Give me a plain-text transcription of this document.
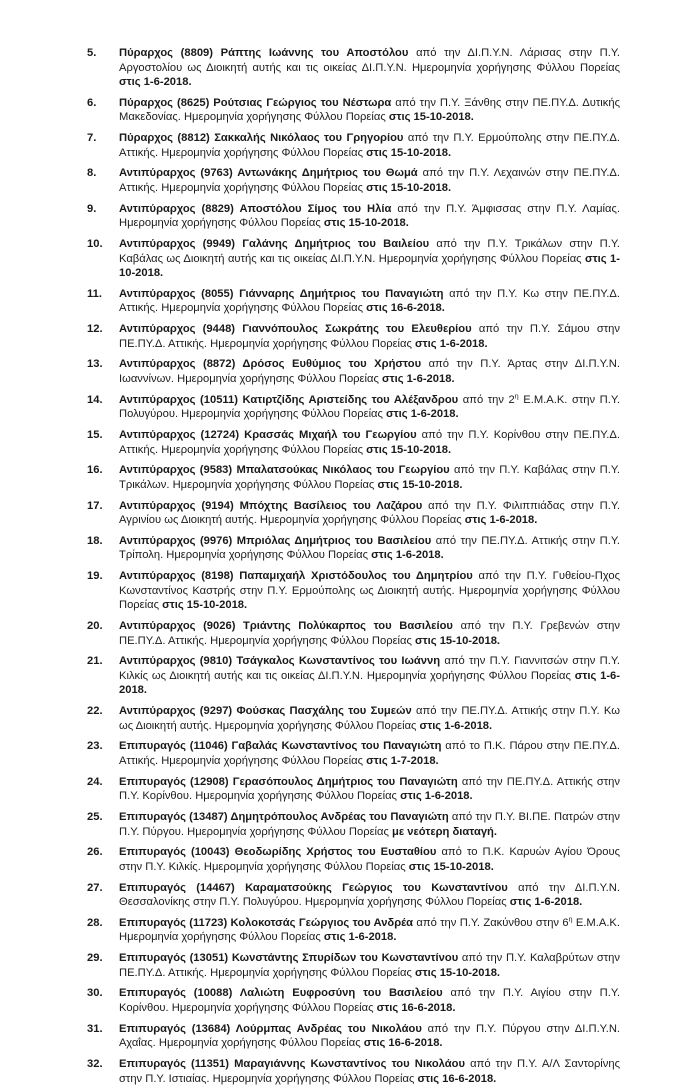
5. Πύραρχος (8809) Ράπτης Ιωάννης του Αποστόλου από την ΔΙ.Π.Υ.Ν. Λάρισας στην Π.Υ. Αργοστολίου ως Διοικητή αυτής και τις οικείας ΔΙ.Π.Υ.Ν. Ημερομηνία χορήγησης Φύλλου Πορείας στις 1-6-2018.
6. Πύραρχος (8625) Ρούτσιας Γεώργιος του Νέστωρα από την Π.Υ. Ξάνθης στην ΠΕ.ΠΥ.Δ. Δυτικής Μακεδονίας. Ημερομηνία χορήγησης Φύλλου Πορείας στις 15-10-2018.
7. Πύραρχος (8812) Σακκαλής Νικόλαος του Γρηγορίου από την Π.Υ. Ερμούπολης στην ΠΕ.ΠΥ.Δ. Αττικής. Ημερομηνία χορήγησης Φύλλου Πορείας στις 15-10-2018.
8. Αντιπύραρχος (9763) Αντωνάκης Δημήτριος του Θωμά από την Π.Υ. Λεχαινών στην ΠΕ.ΠΥ.Δ. Αττικής. Ημερομηνία χορήγησης Φύλλου Πορείας στις 15-10-2018.
9. Αντιπύραρχος (8829) Αποστόλου Σίμος του Ηλία από την Π.Υ. Άμφισσας στην Π.Υ. Λαμίας. Ημερομηνία χορήγησης Φύλλου Πορείας στις 15-10-2018.
10. Αντιπύραρχος (9949) Γαλάνης Δημήτριος του Βαιλείου από την Π.Υ. Τρικάλων στην Π.Υ. Καβάλας ως Διοικητή αυτής και τις οικείας ΔΙ.Π.Υ.Ν. Ημερομηνία χορήγησης Φύλλου Πορείας στις 1-10-2018.
11. Αντιπύραρχος (8055) Γιάνναρης Δημήτριος του Παναγιώτη από την Π.Υ. Κω στην ΠΕ.ΠΥ.Δ. Αττικής. Ημερομηνία χορήγησης Φύλλου Πορείας στις 16-6-2018.
12. Αντιπύραρχος (9448) Γιαννόπουλος Σωκράτης του Ελευθερίου από την Π.Υ. Σάμου στην ΠΕ.ΠΥ.Δ. Αττικής. Ημερομηνία χορήγησης Φύλλου Πορείας στις 1-6-2018.
13. Αντιπύραρχος (8872) Δρόσος Ευθύμιος του Χρήστου από την Π.Υ. Άρτας στην ΔΙ.Π.Υ.Ν. Ιωαννίνων. Ημερομηνία χορήγησης Φύλλου Πορείας στις 1-6-2018.
14. Αντιπύραρχος (10511) Κατιρτζίδης Αριστείδης του Αλέξανδρου από την $2^\eta$ Ε.Μ.Α.Κ. στην Π.Υ. Πολυγύρου. Ημερομηνία χορήγησης Φύλλου Πορείας στις 1-6-2018.
15. Αντιπύραρχος (12724) Κρασσάς Μιχαήλ του Γεωργίου από την Π.Υ. Κορίνθου στην ΠΕ.ΠΥ.Δ. Αττικής. Ημερομηνία χορήγησης Φύλλου Πορείας στις 15-10-2018.
16. Αντιπύραρχος (9583) Μπαλατσούκας Νικόλαος του Γεωργίου από την Π.Υ. Καβάλας στην Π.Υ. Τρικάλων. Ημερομηνία χορήγησης Φύλλου Πορείας στις 15-10-2018.
17. Αντιπύραρχος (9194) Μπόχτης Βασίλειος του Λαζάρου από την Π.Υ. Φιλιππιάδας στην Π.Υ. Αγρινίου ως Διοικητή αυτής. Ημερομηνία χορήγησης Φύλλου Πορείας στις 1-6-2018.
18. Αντιπύραρχος (9976) Μπριόλας Δημήτριος του Βασιλείου από την ΠΕ.ΠΥ.Δ. Αττικής στην Π.Υ. Τρίπολη. Ημερομηνία χορήγησης Φύλλου Πορείας στις 1-6-2018.
19. Αντιπύραρχος (8198) Παπαμιχαήλ Χριστόδουλος του Δημητρίου από την Π.Υ. Γυθείου-Πχος Κωνσταντίνος Καστρής στην Π.Υ. Ερμούπολης ως Διοικητή αυτής. Ημερομηνία χορήγησης Φύλλου Πορείας στις 15-10-2018.
20. Αντιπύραρχος (9026) Τριάντης Πολύκαρπος του Βασιλείου από την Π.Υ. Γρεβενών στην ΠΕ.ΠΥ.Δ. Αττικής. Ημερομηνία χορήγησης Φύλλου Πορείας στις 15-10-2018.
21. Αντιπύραρχος (9810) Τσάγκαλος Κωνσταντίνος του Ιωάννη από την Π.Υ. Γιαννιτσών στην Π.Υ. Κιλκίς ως Διοικητή αυτής και τις οικείας ΔΙ.Π.Υ.Ν. Ημερομηνία χορήγησης Φύλλου Πορείας στις 1-6-2018.
22. Αντιπύραρχος (9297) Φούσκας Πασχάλης του Συμεών από την ΠΕ.ΠΥ.Δ. Αττικής στην Π.Υ. Κω ως Διοικητή αυτής. Ημερομηνία χορήγησης Φύλλου Πορείας στις 1-6-2018.
23. Επιπυραγός (11046) Γαβαλάς Κωνσταντίνος του Παναγιώτη από το Π.Κ. Πάρου στην ΠΕ.ΠΥ.Δ. Αττικής. Ημερομηνία χορήγησης Φύλλου Πορείας στις 1-7-2018.
24. Επιπυραγός (12908) Γερασόπουλος Δημήτριος του Παναγιώτη από την ΠΕ.ΠΥ.Δ. Αττικής στην Π.Υ. Κορίνθου. Ημερομηνία χορήγησης Φύλλου Πορείας στις 1-6-2018.
25. Επιπυραγός (13487) Δημητρόπουλος Ανδρέας του Παναγιώτη από την Π.Υ. ΒΙ.ΠΕ. Πατρών στην Π.Υ. Πύργου. Ημερομηνία χορήγησης Φύλλου Πορείας με νεότερη διαταγή.
26. Επιπυραγός (10043) Θεοδωρίδης Χρήστος του Ευσταθίου από το Π.Κ. Καρυών Αγίου Όρους στην Π.Υ. Κιλκίς. Ημερομηνία χορήγησης Φύλλου Πορείας στις 15-10-2018.
27. Επιπυραγός (14467) Καραματσούκης Γεώργιος του Κωνσταντίνου από την ΔΙ.Π.Υ.Ν. Θεσσαλονίκης στην Π.Υ. Πολυγύρου. Ημερομηνία χορήγησης Φύλλου Πορείας στις 1-6-2018.
28. Επιπυραγός (11723) Κολοκοτσάς Γεώργιος του Ανδρέα από την Π.Υ. Ζακύνθου στην $6^\eta$ Ε.Μ.Α.Κ. Ημερομηνία χορήγησης Φύλλου Πορείας στις 1-6-2018.
29. Επιπυραγός (13051) Κωνστάντης Σπυρίδων του Κωνσταντίνου από την Π.Υ. Καλαβρύτων στην ΠΕ.ΠΥ.Δ. Αττικής. Ημερομηνία χορήγησης Φύλλου Πορείας στις 15-10-2018.
30. Επιπυραγός (10088) Λαλιώτη Ευφροσύνη του Βασιλείου από την Π.Υ. Αιγίου στην Π.Υ. Κορίνθου. Ημερομηνία χορήγησης Φύλλου Πορείας στις 16-6-2018.
31. Επιπυραγός (13684) Λούρμπας Ανδρέας του Νικολάου από την Π.Υ. Πύργου στην ΔΙ.Π.Υ.Ν. Αχαΐας. Ημερομηνία χορήγησης Φύλλου Πορείας στις 16-6-2018.
32. Επιπυραγός (11351) Μαραγιάννης Κωνσταντίνος του Νικολάου από την Π.Υ. Α/Λ Σαντορίνης στην Π.Υ. Ιστιαίας. Ημερομηνία χορήγησης Φύλλου Πορείας στις 16-6-2018.
